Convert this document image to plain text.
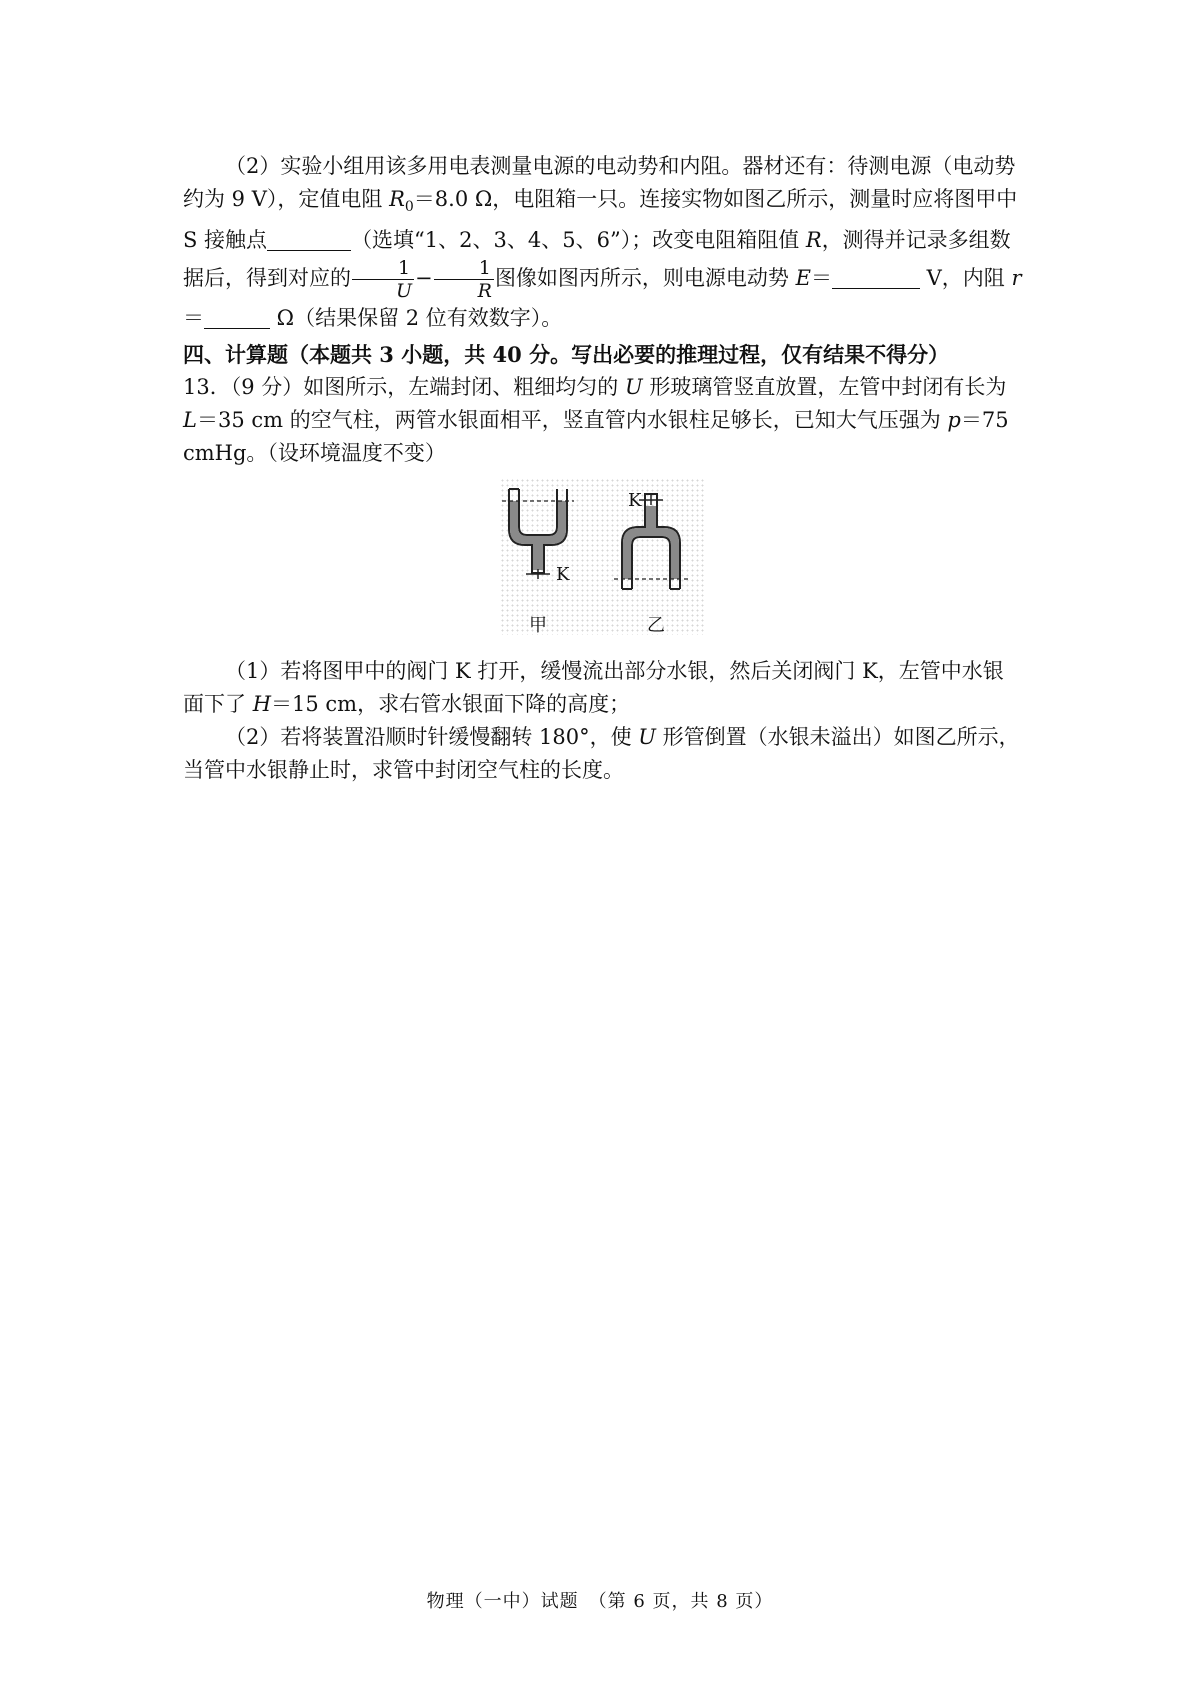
（2）实验小组用该多用电表测量电源的电动势和内阻。器材还有：待测电源（电动势约为 9 V），定值电阻 $R_0=8.0$ Ω，电阻箱一只。连接实物如图乙所示，测量时应将图甲中 S 接触点	（选填“1、2、3、4、5、6”）；改变电阻箱阻值 R，测得并记录多组数据后，得到对应的 $\frac{1}{U} - \frac{1}{R}$ 图像如图丙所示，则电源电动势 E＝	V，内阻 r＝	Ω（结果保留 2 位有效数字）。

四、计算题（本题共 3 小题，共 40 分。写出必要的推理过程，仅有结果不得分）

13．（9 分）如图所示，左端封闭、粗细均匀的 U 形玻璃管竖直放置，左管中封闭有长为 L＝35 cm 的空气柱，两管水银面相平，竖直管内水银柱足够长，已知大气压强为 p＝75 cmHg。（设环境温度不变）

K
K
甲	乙

（1）若将图甲中的阀门 K 打开，缓慢流出部分水银，然后关闭阀门 K，左管中水银面下了 H＝15 cm，求右管水银面下降的高度；

（2）若将装置沿顺时针缓慢翻转 180°，使 U 形管倒置（水银未溢出）如图乙所示，当管中水银静止时，求管中封闭空气柱的长度。

物理（一中）试题　（第 6 页，共 8 页）
